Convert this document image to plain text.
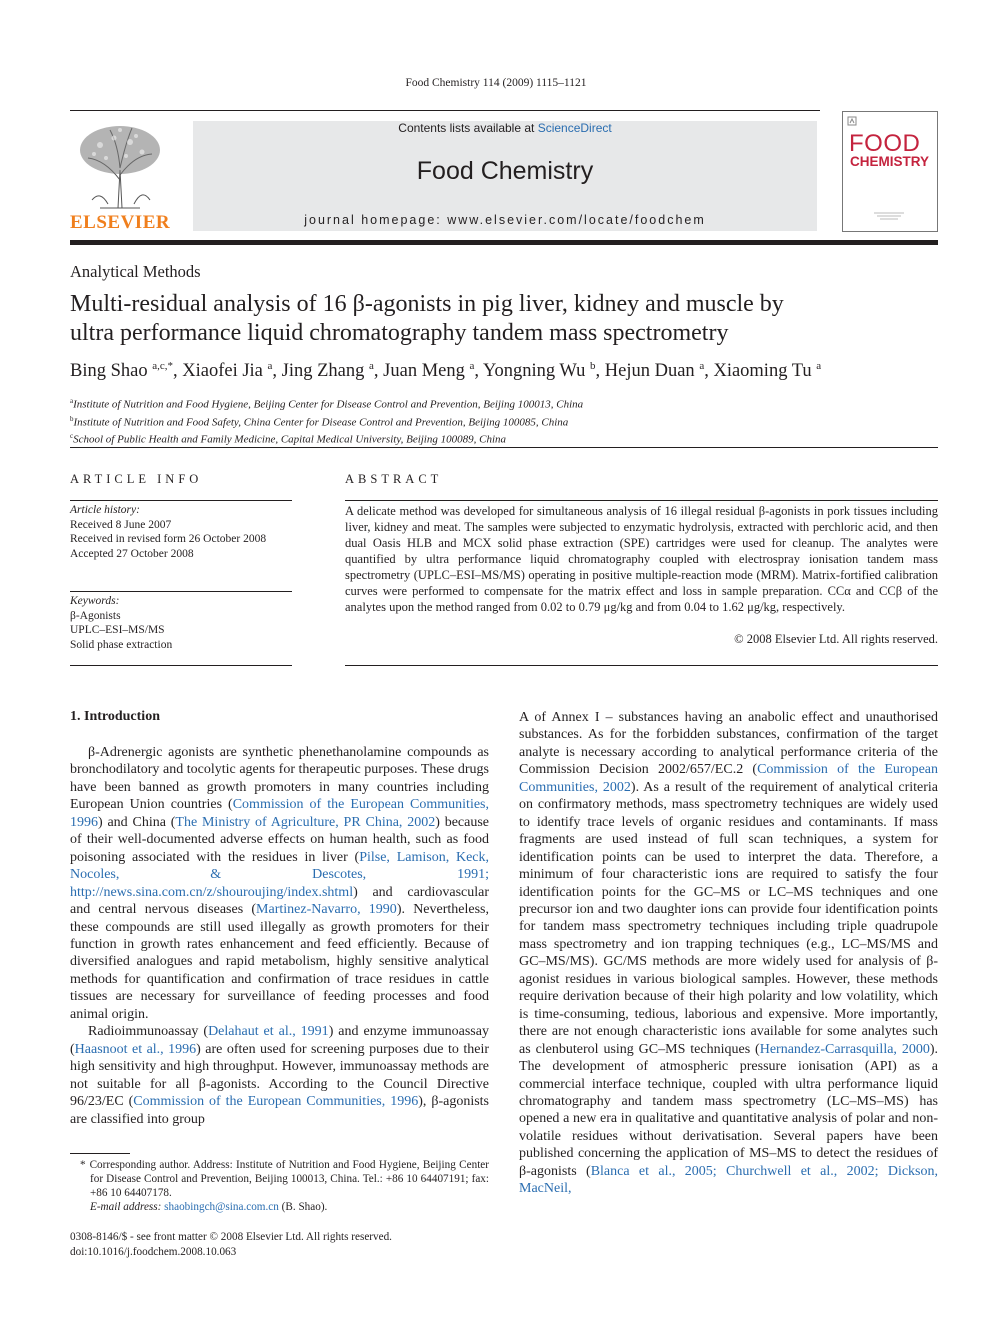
Food Chemistry 114 (2009) 1115–1121
ELSEVIER
Contents lists available at ScienceDirect
Food Chemistry
journal homepage: www.elsevier.com/locate/foodchem
FOOD
CHEMISTRY
Analytical Methods
Multi-residual analysis of 16 β-agonists in pig liver, kidney and muscle by
ultra performance liquid chromatography tandem mass spectrometry
Bing Shao $^{a,c,*}$, Xiaofei Jia $^a$, Jing Zhang $^a$, Juan Meng $^a$, Yongning Wu $^b$, Hejun Duan $^a$, Xiaoming Tu $^a$
$^a$Institute of Nutrition and Food Hygiene, Beijing Center for Disease Control and Prevention, Beijing 100013, China
$^b$Institute of Nutrition and Food Safety, China Center for Disease Control and Prevention, Beijing 100085, China
$^c$School of Public Health and Family Medicine, Capital Medical University, Beijing 100089, China
ARTICLE INFO
Article history:
Received 8 June 2007
Received in revised form 26 October 2008
Accepted 27 October 2008
Keywords:
β-Agonists
UPLC–ESI–MS/MS
Solid phase extraction
ABSTRACT
A delicate method was developed for simultaneous analysis of 16 illegal residual β-agonists in pork tissues including liver, kidney and meat. The samples were subjected to enzymatic hydrolysis, extracted with perchloric acid, and then dual Oasis HLB and MCX solid phase extraction (SPE) cartridges were used for cleanup. The analytes were quantified by ultra performance liquid chromatography coupled with electrospray ionisation tandem mass spectrometry (UPLC–ESI–MS/MS) operating in positive multiple-reaction mode (MRM). Matrix-fortified calibration curves were performed to compensate for the matrix effect and loss in sample preparation. CCα and CCβ of the analytes upon the method ranged from 0.02 to 0.79 μg/kg and from 0.04 to 1.62 μg/kg, respectively.
© 2008 Elsevier Ltd. All rights reserved.
1. Introduction

β-Adrenergic agonists are synthetic phenethanolamine compounds as bronchodilatory and tocolytic agents for therapeutic purposes. These drugs have been banned as growth promoters in many countries including European Union countries (Commission of the European Communities, 1996) and China (The Ministry of Agriculture, PR China, 2002) because of their well-documented adverse effects on human health, such as food poisoning associated with the residues in liver (Pilse, Lamison, Keck, Nocoles, & Descotes, 1991; http://news.sina.com.cn/z/shouroujing/index.shtml) and cardiovascular and central nervous diseases (Martinez-Navarro, 1990). Nevertheless, these compounds are still used illegally as growth promoters for their function in growth rates enhancement and feed efficiently. Because of diversified analogues and rapid metabolism, highly sensitive analytical methods for quantification and confirmation of trace residues in cattle tissues are necessary for surveillance of feeding processes and food animal origin.

Radioimmunoassay (Delahaut et al., 1991) and enzyme immunoassay (Haasnoot et al., 1996) are often used for screening purposes due to their high sensitivity and high throughput. However, immunoassay methods are not suitable for all β-agonists. According to the Council Directive 96/23/EC (Commission of the European Communities, 1996), β-agonists are classified into group

A of Annex I – substances having an anabolic effect and unauthorised substances. As for the forbidden substances, confirmation of the target analyte is necessary according to analytical performance criteria of the Commission Decision 2002/657/EC.2 (Commission of the European Communities, 2002). As a result of the requirement of analytical criteria on confirmatory methods, mass spectrometry techniques are widely used to identify trace levels of organic residues and contaminants. If mass fragments are used instead of full scan techniques, a system for identification points can be used to interpret the data. Therefore, a minimum of four characteristic ions are required to satisfy the four identification points for the GC–MS or LC–MS techniques and one precursor ion and two daughter ions can provide four identification points for tandem mass spectrometry techniques including triple quadrupole mass spectrometry and ion trapping techniques (e.g., LC–MS/MS and GC–MS/MS). GC/MS methods are more widely used for analysis of β-agonist residues in various biological samples. However, these methods require derivation because of their high polarity and low volatility, which is time-consuming, tedious, laborious and expensive. More importantly, there are not enough characteristic ions available for some analytes such as clenbuterol using GC–MS techniques (Hernandez-Carrasquilla, 2000). The development of atmospheric pressure ionisation (API) as a commercial interface technique, coupled with ultra performance liquid chromatography and tandem mass spectrometry (LC–MS–MS) has opened a new era in qualitative and quantitative analysis of polar and non-volatile residues without derivatisation. Several papers have been published concerning the application of MS–MS to detect the residues of β-agonists (Blanca et al., 2005; Churchwell et al., 2002; Dickson, MacNeil,

* Corresponding author. Address: Institute of Nutrition and Food Hygiene, Beijing Center for Disease Control and Prevention, Beijing 100013, China. Tel.: +86 10 64407191; fax: +86 10 64407178.
E-mail address: shaobingch@sina.com.cn (B. Shao).
0308-8146/$ - see front matter © 2008 Elsevier Ltd. All rights reserved.
doi:10.1016/j.foodchem.2008.10.063
